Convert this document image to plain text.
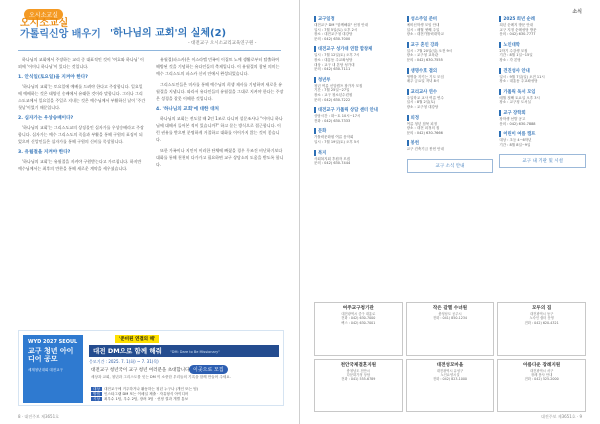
오시소교실
오시소교실
가톨릭신앙 배우기 '하나님의 교회'의 실체(2)
- 대전교구 오시소교리교육연구원 -

하나님의 교회에서 주장하는 교리 중 대표적인 것이 '여호와 하나님' 이외에 '어머니 하나님'이 있다는 것입니다.

1. 안식일(토요일)을 지켜야 한다?

'하나님의 교회'는 토요일에 예배를 드려야 한다고 주장합니다. 일요일에 예배하는 것은 태양신 숭배에서 유래한 것이라 말합니다. 그러나 그리스도교에서 일요일을 주일로 지내는 것은 예수님께서 부활하신 날이 '주간 첫날'이었기 때문입니다.

2. 십자가는 우상숭배이다?

'하나님의 교회'는 그리스도교의 상징물인 십자가를 우상숭배라고 주장합니다. 십자가는 예수 그리스도의 죽음과 부활을 통해 구원의 표징이 되었으며 신앙인들은 십자가를 통해 구원의 신비를 묵상합니다.

3. 유월절을 지켜야 한다?

'하나님의 교회'는 유월절을 지켜야 구원받는다고 가르칩니다. 하지만 예수님께서는 최후의 만찬을 통해 새로운 계약을 세우셨습니다.

유월절(파스카)은 이스라엘 민족이 이집트 노예 생활로부터 탈출하여 해방된 것을 기념하는 유다인들의 축제입니다. 이 유월절의 참된 의미는 예수 그리스도의 파스카 신비 안에서 완성되었습니다.

그리스도인들은 미사를 통해 예수님의 희생 제사를 기념하며 새로운 유월절을 지냅니다. 따라서 유다인들의 유월절을 그대로 지켜야 한다는 주장은 성경을 잘못 이해한 것입니다.

4. '하나님의 교회'에 대한 대처

하나님의 교회는 전도할 때 2인 1조로 다니며 설문조사나 "어머니 하나님에 대해서 들어본 적이 있습니까?" 하고 묻는 방식으로 접근합니다. 이런 권유를 받으면 분명하게 거절하고 대화를 이어가지 않는 것이 좋습니다.

또한 가족이나 지인이 이러한 단체에 빠졌을 경우 무조건 비난하기보다 대화를 통해 천천히 다가가고 필요하면 교구 상담소의 도움을 받도록 합니다.

WYD 2027 SEOUL
교구 청년 아이디어 공모
세계청년대회 대전교구
'준비된 연결의 해'
대전 DM으로 함께 해줘 "DM: Dare to Be Missionary"
응모기간 : 2025. 7. 1(화) ~ 7. 31(목)
대전교구 청년국이 교구 청년 여러분을 초대합니다 이곳으로 모집
세상과 교회, 청년과 그리스도를 잇는 DM 이 소중한 우리들의 기록을 함께 만들어 주세요.
대상 대전교구에 거주하거나 활동하는 청년 누구나 (개인 또는 팀)
방법 인스타그램 DM 또는 이메일 제출 · 자유형식 아이디어
시상 최우수 1팀, 우수 2팀, 장려 3팀 · 선정 결과 개별 통보
8 · 대전주보 제3651호
소식
교구일정
대전교구 DM "함께해줘" 선정 안내
일시 : 7월 5일(토) 오후 2시
장소 : 대전교구청 대강당
문의 : 042) 630-7000
대전교구 성가대 연합 합창제
일시 : 7월 12일(토) 오후 7시
장소 : 대흥동 주교좌성당
대상 : 교구 내 본당 성가대
문의 : 042) 630-7111
청년부
청년 여름 신앙캠프 참가자 모집
기간 : 7월 25일~27일
장소 : 교구 청소년수련원
문의 : 042) 630-7222
대전교구 가톨릭 상담 센터 안내
상담시간 : 화~토 10시~17시
전화 : 042) 630-7333
문화
가톨릭문화원 여름 음악회
일시 : 7월 19일(토) 오후 5시
복지
사회복지회 후원자 모집
문의 : 042) 630-7444
성소주일 준비
예비신학생 모임 안내
일시 : 매월 셋째 주일
장소 : 대전가톨릭대학교
교구 혼인 강좌
일시 : 7월 20일(일) 오전 9시
장소 : 교구청 교육관
문의 : 042) 630-7555
생명수호 결의
생명을 지키는 기도 모임
매주 금요일 저녁 8시
교리교사 연수
주일학교 교사 여름 연수
일시 : 8월 2일(토)
장소 : 교구청 대강당
피정
여름 청년 침묵 피정
장소 : 대전 피정의 집
문의 : 042) 630-7666
봉헌
교구 건축기금 봉헌 안내
교구 소식 안내
2025 희년 순례
희년 순례지 방문 안내
교구 지정 순례성당 방문
문의 : 042) 630-7777
노인대학
2학기 수강생 모집
기간 : 8월 1일~15일
장소 : 각 본당
견진성사 안내
일시 : 9월 7일(일) 오전 11시
장소 : 대흥동 주교좌성당
가톨릭 독서 모임
매월 첫째 토요일 오후 3시
장소 : 교구청 도서실
교구 장학회
장학생 선발 공고
문의 : 042) 630-7888
어린이 여름 캠프
대상 : 초등 4~6학년
기간 : 8월 8일~9일
교구 내 기관 및 시설
여주교구청기관
대전광역시 중구 대흥로
전화 : 042) 630-7000
팩스 : 042) 630-7001
작은 갈멜 수녀원
충청남도 공주시
전화 : 041) 850-1234
모두의 집
대전광역시 동구
노숙인 쉼터 운영
전화 : 042) 620-4321
천안국제결혼지원
충청남도 천안시
다문화가정 상담
전화 : 041) 555-6789
대전성모마을
대전광역시 유성구
노인요양시설
전화 : 042) 823-1000
아름다운 장례지원
대전광역시 서구
장례 봉사 안내
전화 : 042) 525-2000
대전주보 제3651호 · 9
